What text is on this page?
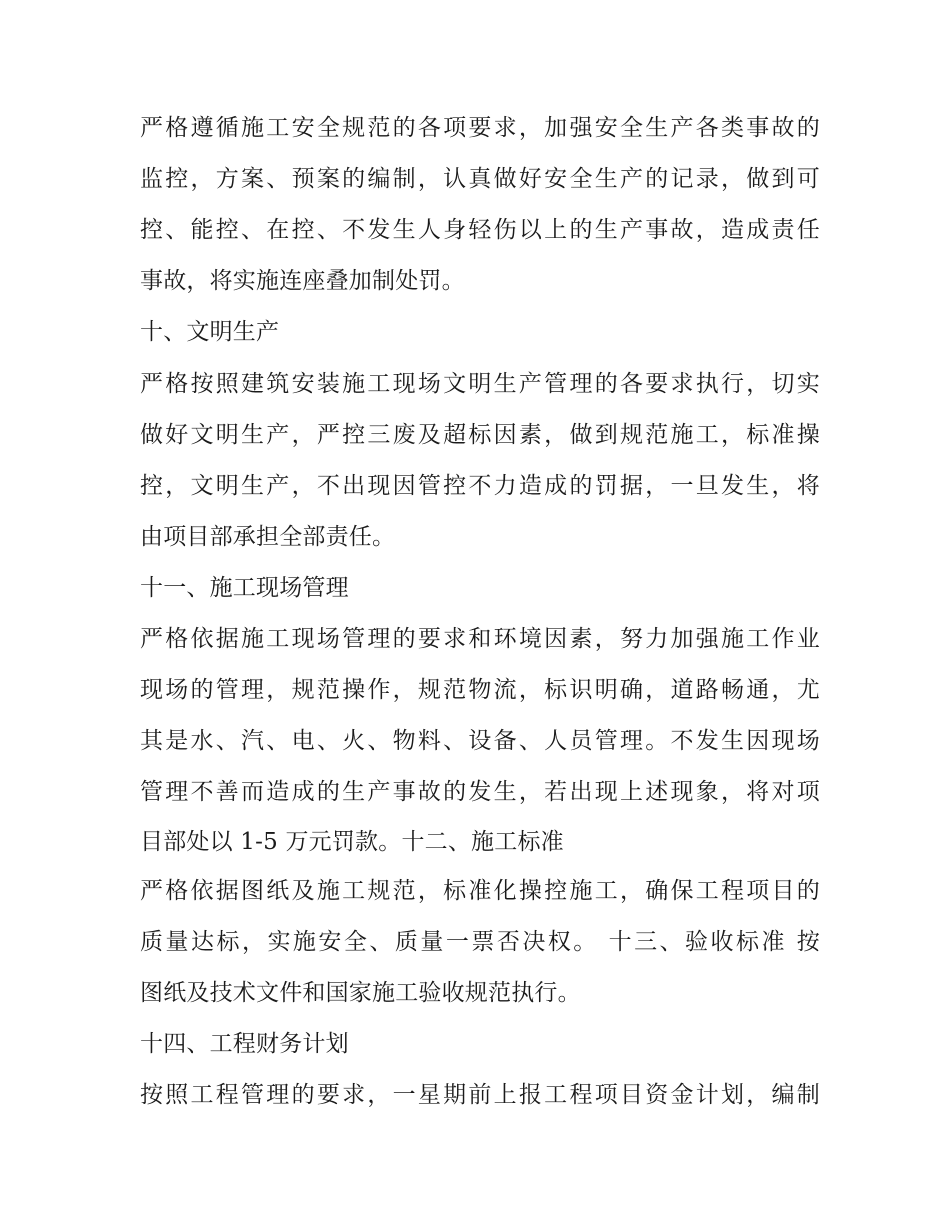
严格遵循施工安全规范的各项要求，加强安全生产各类事故的
监控，方案、预案的编制，认真做好安全生产的记录，做到可
控、能控、在控、不发生人身轻伤以上的生产事故，造成责任
事故，将实施连座叠加制处罚。
十、文明生产
严格按照建筑安装施工现场文明生产管理的各要求执行，切实
做好文明生产，严控三废及超标因素，做到规范施工，标准操
控，文明生产，不出现因管控不力造成的罚据，一旦发生，将
由项目部承担全部责任。
十一、施工现场管理
严格依据施工现场管理的要求和环境因素，努力加强施工作业
现场的管理，规范操作，规范物流，标识明确，道路畅通，尤
其是水、汽、电、火、物料、设备、人员管理。不发生因现场
管理不善而造成的生产事故的发生，若出现上述现象，将对项
目部处以 1-5 万元罚款。十二、施工标准
严格依据图纸及施工规范，标准化操控施工，确保工程项目的
质量达标，实施安全、质量一票否决权。 十三、验收标准 按
图纸及技术文件和国家施工验收规范执行。
十四、工程财务计划
按照工程管理的要求，一星期前上报工程项目资金计划，编制
